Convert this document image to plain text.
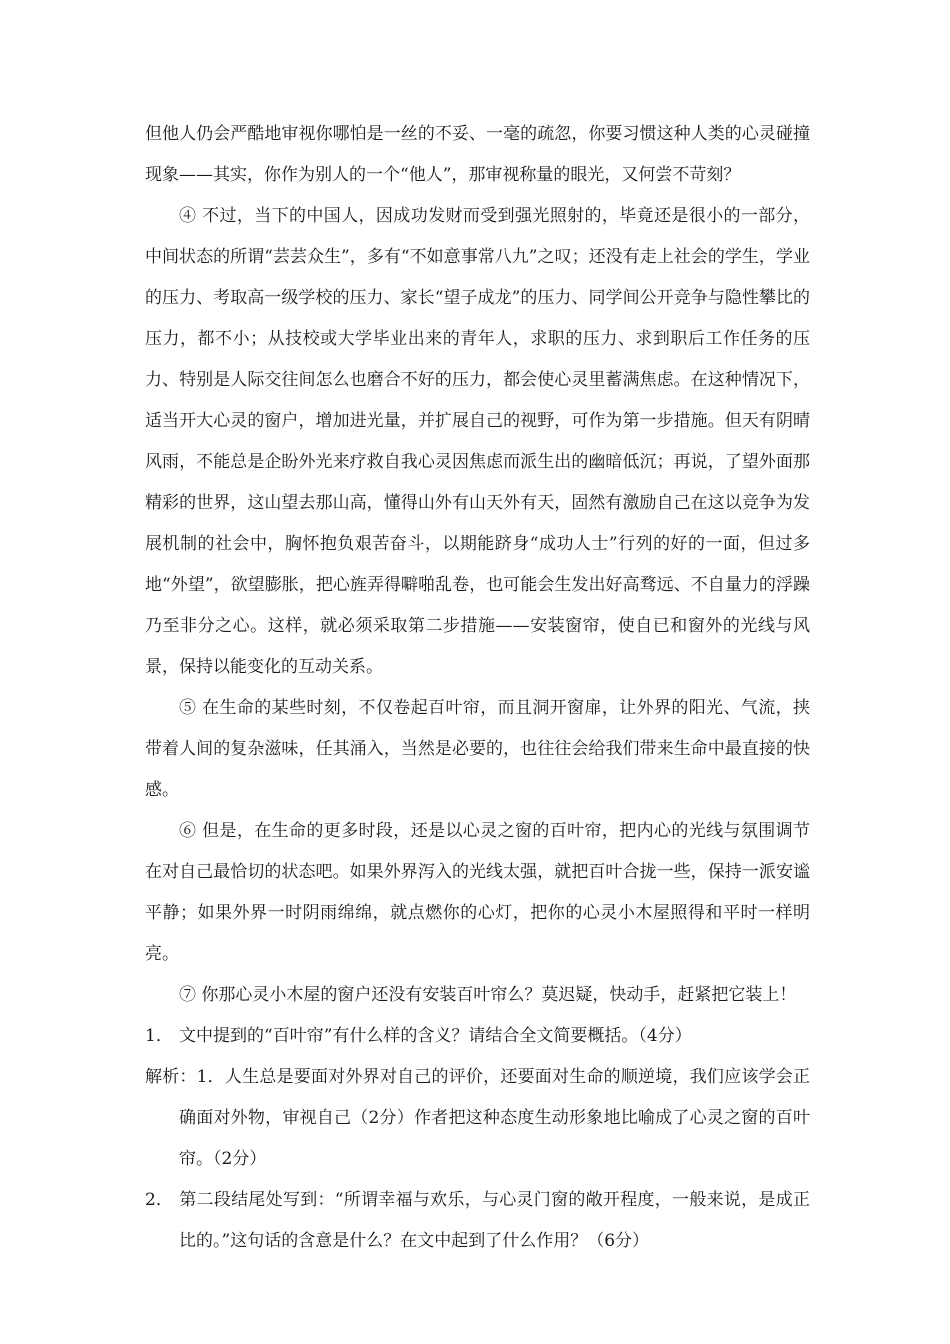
但他人仍会严酷地审视你哪怕是一丝的不妥、一毫的疏忽，你要习惯这种人类的心灵碰撞现象——其实，你作为别人的一个“他人”，那审视称量的眼光，又何尝不苛刻？

④ 不过，当下的中国人，因成功发财而受到强光照射的，毕竟还是很小的一部分，中间状态的所谓“芸芸众生”，多有“不如意事常八九”之叹；还没有走上社会的学生，学业的压力、考取高一级学校的压力、家长“望子成龙”的压力、同学间公开竞争与隐性攀比的压力，都不小；从技校或大学毕业出来的青年人，求职的压力、求到职后工作任务的压力、特别是人际交往间怎么也磨合不好的压力，都会使心灵里蓄满焦虑。在这种情况下，适当开大心灵的窗户，增加进光量，并扩展自己的视野，可作为第一步措施。但天有阴晴风雨，不能总是企盼外光来疗救自我心灵因焦虑而派生出的幽暗低沉；再说，了望外面那精彩的世界，这山望去那山高，懂得山外有山天外有天，固然有激励自己在这以竞争为发展机制的社会中，胸怀抱负艰苦奋斗，以期能跻身“成功人士”行列的好的一面，但过多地“外望”，欲望膨胀，把心旌弄得噼啪乱卷，也可能会生发出好高骛远、不自量力的浮躁乃至非分之心。这样，就必须采取第二步措施——安装窗帘，使自已和窗外的光线与风景，保持以能变化的互动关系。

⑤ 在生命的某些时刻，不仅卷起百叶帘，而且洞开窗扉，让外界的阳光、气流，挟带着人间的复杂滋味，任其涌入，当然是必要的，也往往会给我们带来生命中最直接的快感。

⑥ 但是，在生命的更多时段，还是以心灵之窗的百叶帘，把内心的光线与氛围调节在对自己最恰切的状态吧。如果外界泻入的光线太强，就把百叶合拢一些，保持一派安谧平静；如果外界一时阴雨绵绵，就点燃你的心灯，把你的心灵小木屋照得和平时一样明亮。

⑦ 你那心灵小木屋的窗户还没有安装百叶帘么？莫迟疑，快动手，赶紧把它装上！

1． 文中提到的“百叶帘”有什么样的含义？请结合全文简要概括。（4分）

解析：1．人生总是要面对外界对自己的评价，还要面对生命的顺逆境，我们应该学会正确面对外物，审视自己（2分）作者把这种态度生动形象地比喻成了心灵之窗的百叶帘。（2分）

2． 第二段结尾处写到：“所谓幸福与欢乐，与心灵门窗的敞开程度，一般来说，是成正比的。”这句话的含意是什么？在文中起到了什么作用？（6分）
